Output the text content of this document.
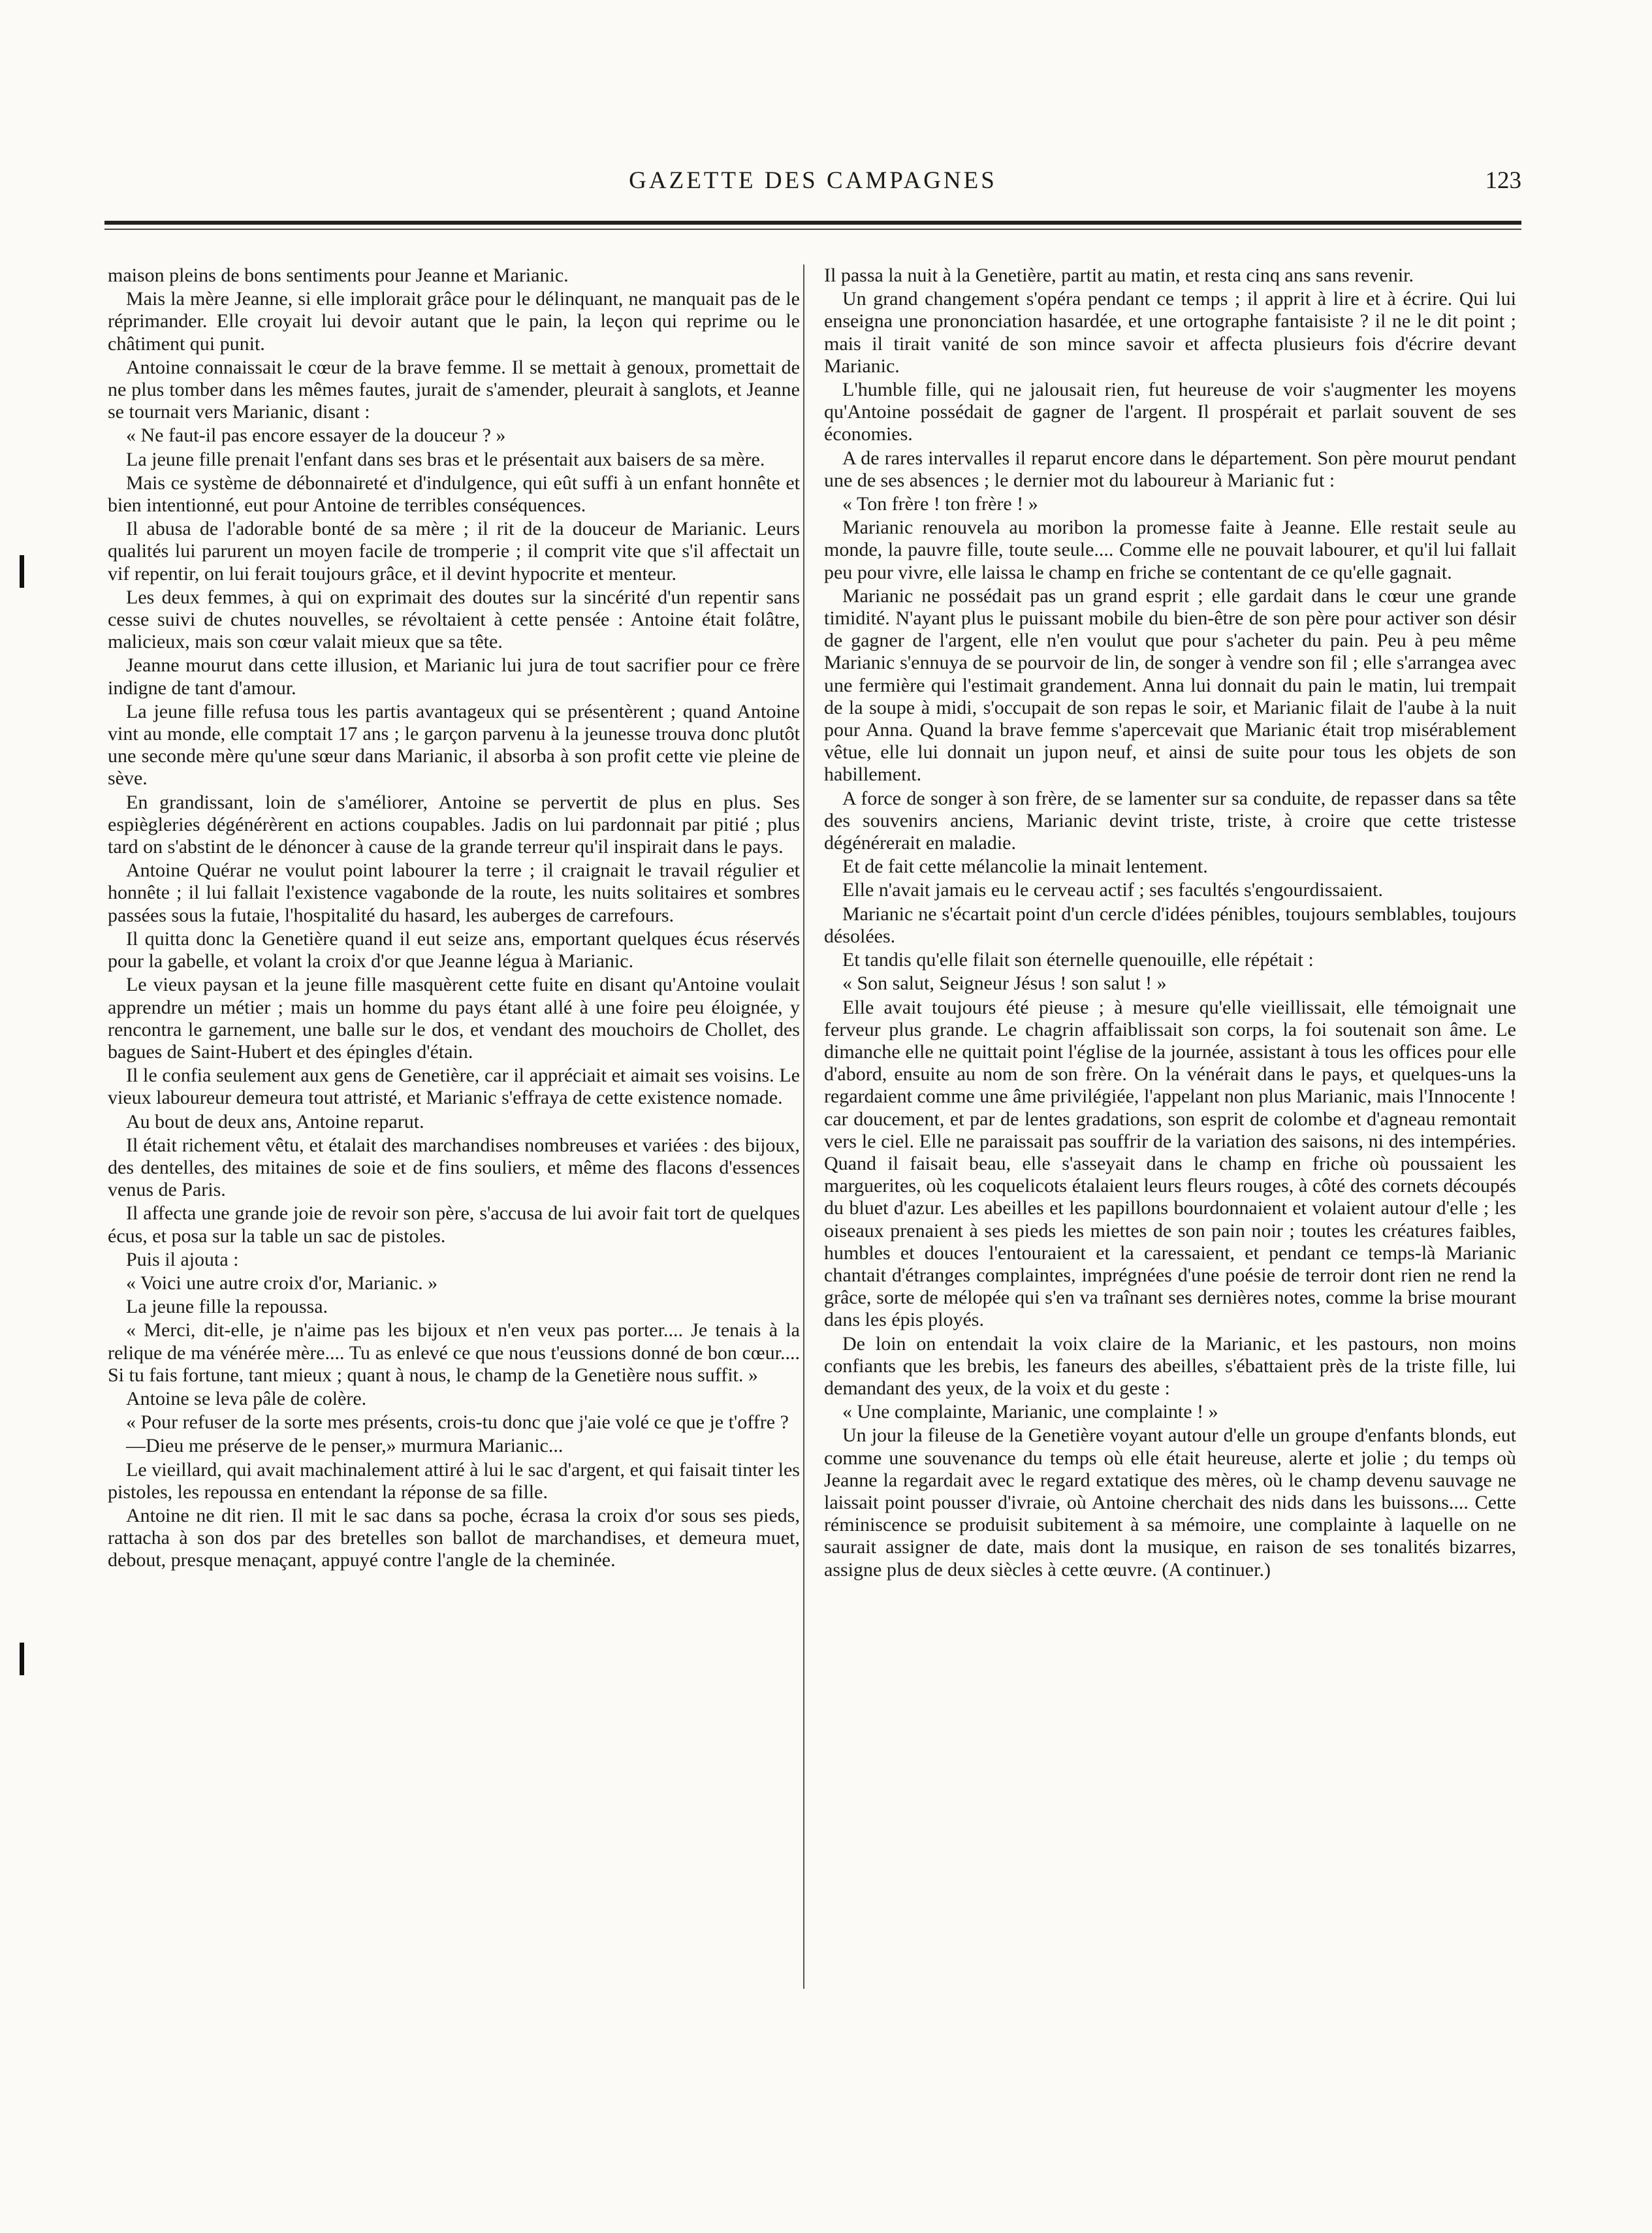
GAZETTE DES CAMPAGNES	123

maison pleins de bons sentiments pour Jeanne et Marianic.

Mais la mère Jeanne, si elle implorait grâce pour le délinquant, ne manquait pas de le réprimander. Elle croyait lui devoir autant que le pain, la leçon qui reprime ou le châtiment qui punit.

Antoine connaissait le cœur de la brave femme. Il se mettait à genoux, promettait de ne plus tomber dans les mêmes fautes, jurait de s'amender, pleurait à sanglots, et Jeanne se tournait vers Marianic, disant :

« Ne faut-il pas encore essayer de la douceur ? »

La jeune fille prenait l'enfant dans ses bras et le présentait aux baisers de sa mère.

Mais ce système de débonnaireté et d'indulgence, qui eût suffi à un enfant honnête et bien intentionné, eut pour Antoine de terribles conséquences.

Il abusa de l'adorable bonté de sa mère ; il rit de la douceur de Marianic. Leurs qualités lui parurent un moyen facile de tromperie ; il comprit vite que s'il affectait un vif repentir, on lui ferait toujours grâce, et il devint hypocrite et menteur.

Les deux femmes, à qui on exprimait des doutes sur la sincérité d'un repentir sans cesse suivi de chutes nouvelles, se révoltaient à cette pensée : Antoine était folâtre, malicieux, mais son cœur valait mieux que sa tête.

Jeanne mourut dans cette illusion, et Marianic lui jura de tout sacrifier pour ce frère indigne de tant d'amour.

La jeune fille refusa tous les partis avantageux qui se présentèrent ; quand Antoine vint au monde, elle comptait 17 ans ; le garçon parvenu à la jeunesse trouva donc plutôt une seconde mère qu'une sœur dans Marianic, il absorba à son profit cette vie pleine de sève.

En grandissant, loin de s'améliorer, Antoine se pervertit de plus en plus. Ses espiègleries dégénérèrent en actions coupables. Jadis on lui pardonnait par pitié ; plus tard on s'abstint de le dénoncer à cause de la grande terreur qu'il inspirait dans le pays.

Antoine Quérar ne voulut point labourer la terre ; il craignait le travail régulier et honnête ; il lui fallait l'existence vagabonde de la route, les nuits solitaires et sombres passées sous la futaie, l'hospitalité du hasard, les auberges de carrefours.

Il quitta donc la Genetière quand il eut seize ans, emportant quelques écus réservés pour la gabelle, et volant la croix d'or que Jeanne légua à Marianic.

Le vieux paysan et la jeune fille masquèrent cette fuite en disant qu'Antoine voulait apprendre un métier ; mais un homme du pays étant allé à une foire peu éloignée, y rencontra le garnement, une balle sur le dos, et vendant des mouchoirs de Chollet, des bagues de Saint-Hubert et des épingles d'étain.

Il le confia seulement aux gens de Genetière, car il appréciait et aimait ses voisins. Le vieux laboureur demeura tout attristé, et Marianic s'effraya de cette existence nomade.

Au bout de deux ans, Antoine reparut.

Il était richement vêtu, et étalait des marchandises nombreuses et variées : des bijoux, des dentelles, des mitaines de soie et de fins souliers, et même des flacons d'essences venus de Paris.

Il affecta une grande joie de revoir son père, s'accusa de lui avoir fait tort de quelques écus, et posa sur la table un sac de pistoles.

Puis il ajouta :

« Voici une autre croix d'or, Marianic. »

La jeune fille la repoussa.

« Merci, dit-elle, je n'aime pas les bijoux et n'en veux pas porter.... Je tenais à la relique de ma vénérée mère.... Tu as enlevé ce que nous t'eussions donné de bon cœur.... Si tu fais fortune, tant mieux ; quant à nous, le champ de la Genetière nous suffit. »

Antoine se leva pâle de colère.

« Pour refuser de la sorte mes présents, crois-tu donc que j'aie volé ce que je t'offre ?

—Dieu me préserve de le penser,» murmura Marianic...

Le vieillard, qui avait machinalement attiré à lui le sac d'argent, et qui faisait tinter les pistoles, les repoussa en entendant la réponse de sa fille.

Antoine ne dit rien. Il mit le sac dans sa poche, écrasa la croix d'or sous ses pieds, rattacha à son dos par des bretelles son ballot de marchandises, et demeura muet, debout, presque menaçant, appuyé contre l'angle de la cheminée.

Il passa la nuit à la Genetière, partit au matin, et resta cinq ans sans revenir.

Un grand changement s'opéra pendant ce temps ; il apprit à lire et à écrire. Qui lui enseigna une prononciation hasardée, et une ortographe fantaisiste ? il ne le dit point ; mais il tirait vanité de son mince savoir et affecta plusieurs fois d'écrire devant Marianic.

L'humble fille, qui ne jalousait rien, fut heureuse de voir s'augmenter les moyens qu'Antoine possédait de gagner de l'argent. Il prospérait et parlait souvent de ses économies.

A de rares intervalles il reparut encore dans le département. Son père mourut pendant une de ses absences ; le dernier mot du laboureur à Marianic fut :

« Ton frère ! ton frère ! »

Marianic renouvela au moribon la promesse faite à Jeanne. Elle restait seule au monde, la pauvre fille, toute seule.... Comme elle ne pouvait labourer, et qu'il lui fallait peu pour vivre, elle laissa le champ en friche se contentant de ce qu'elle gagnait.

Marianic ne possédait pas un grand esprit ; elle gardait dans le cœur une grande timidité. N'ayant plus le puissant mobile du bien-être de son père pour activer son désir de gagner de l'argent, elle n'en voulut que pour s'acheter du pain. Peu à peu même Marianic s'ennuya de se pourvoir de lin, de songer à vendre son fil ; elle s'arrangea avec une fermière qui l'estimait grandement. Anna lui donnait du pain le matin, lui trempait de la soupe à midi, s'occupait de son repas le soir, et Marianic filait de l'aube à la nuit pour Anna. Quand la brave femme s'apercevait que Marianic était trop misérablement vêtue, elle lui donnait un jupon neuf, et ainsi de suite pour tous les objets de son habillement.

A force de songer à son frère, de se lamenter sur sa conduite, de repasser dans sa tête des souvenirs anciens, Marianic devint triste, triste, à croire que cette tristesse dégénérerait en maladie.

Et de fait cette mélancolie la minait lentement.

Elle n'avait jamais eu le cerveau actif ; ses facultés s'engourdissaient.

Marianic ne s'écartait point d'un cercle d'idées pénibles, toujours semblables, toujours désolées.

Et tandis qu'elle filait son éternelle quenouille, elle répétait :

« Son salut, Seigneur Jésus ! son salut ! »

Elle avait toujours été pieuse ; à mesure qu'elle vieillissait, elle témoignait une ferveur plus grande. Le chagrin affaiblissait son corps, la foi soutenait son âme. Le dimanche elle ne quittait point l'église de la journée, assistant à tous les offices pour elle d'abord, ensuite au nom de son frère. On la vénérait dans le pays, et quelques-uns la regardaient comme une âme privilégiée, l'appelant non plus Marianic, mais l'Innocente ! car doucement, et par de lentes gradations, son esprit de colombe et d'agneau remontait vers le ciel. Elle ne paraissait pas souffrir de la variation des saisons, ni des intempéries. Quand il faisait beau, elle s'asseyait dans le champ en friche où poussaient les marguerites, où les coquelicots étalaient leurs fleurs rouges, à côté des cornets découpés du bluet d'azur. Les abeilles et les papillons bourdonnaient et volaient autour d'elle ; les oiseaux prenaient à ses pieds les miettes de son pain noir ; toutes les créatures faibles, humbles et douces l'entouraient et la caressaient, et pendant ce temps-là Marianic chantait d'étranges complaintes, imprégnées d'une poésie de terroir dont rien ne rend la grâce, sorte de mélopée qui s'en va traînant ses dernières notes, comme la brise mourant dans les épis ployés.

De loin on entendait la voix claire de la Marianic, et les pastours, non moins confiants que les brebis, les faneurs des abeilles, s'ébattaient près de la triste fille, lui demandant des yeux, de la voix et du geste :

« Une complainte, Marianic, une complainte ! »

Un jour la fileuse de la Genetière voyant autour d'elle un groupe d'enfants blonds, eut comme une souvenance du temps où elle était heureuse, alerte et jolie ; du temps où Jeanne la regardait avec le regard extatique des mères, où le champ devenu sauvage ne laissait point pousser d'ivraie, où Antoine cherchait des nids dans les buissons.... Cette réminiscence se produisit subitement à sa mémoire, une complainte à laquelle on ne saurait assigner de date, mais dont la musique, en raison de ses tonalités bizarres, assigne plus de deux siècles à cette œuvre. (A continuer.)
